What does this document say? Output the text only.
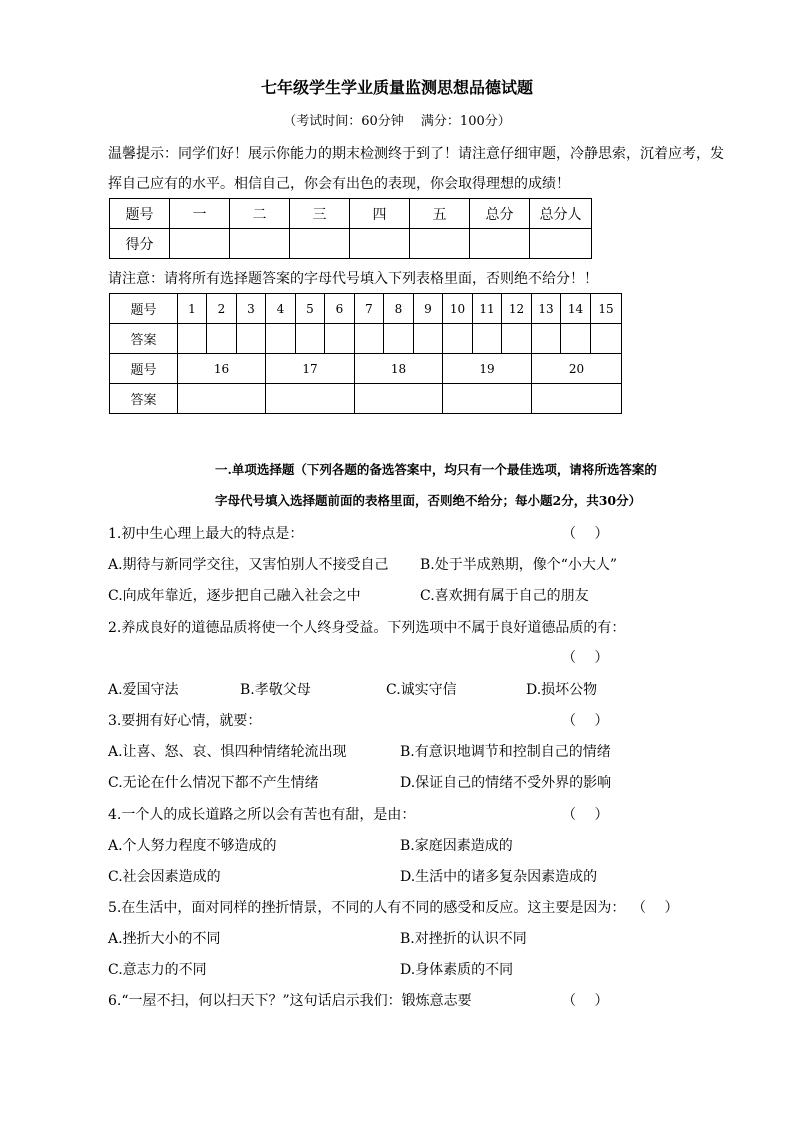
七年级学生学业质量监测思想品德试题
（考试时间：60分钟　 满分：100分）
温馨提示：同学们好！展示你能力的期末检测终于到了！请注意仔细审题，冷静思索，沉着应考，发
挥自己应有的水平。相信自己，你会有出色的表现，你会取得理想的成绩！
题号	一	二	三	四	五	总分	总分人
得分							
请注意：请将所有选择题答案的字母代号填入下列表格里面，否则绝不给分！！
题号	1	2	3	4	5	6	7	8	9	10	11	12	13	14	15
答案															
题号	16			17			18			19			20		
答案															
一.单项选择题（下列各题的备选答案中，均只有一个最佳选项，请将所选答案的
字母代号填入选择题前面的表格里面，否则绝不给分；每小题2分，共30分）
1.初中生心理上最大的特点是：	（　 ）
A.期待与新同学交往，又害怕别人不接受自己 B.处于半成熟期，像个“小大人”
C.向成年靠近，逐步把自己融入社会之中	C.喜欢拥有属于自己的朋友
2.养成良好的道德品质将使一个人终身受益。下列选项中不属于良好道德品质的有：
（　 ）
A.爱国守法	B.孝敬父母	C.诚实守信	D.损坏公物
3.要拥有好心情，就要：	（　 ）
A.让喜、怒、哀、惧四种情绪轮流出现	B.有意识地调节和控制自己的情绪
C.无论在什么情况下都不产生情绪	D.保证自己的情绪不受外界的影响
4.一个人的成长道路之所以会有苦也有甜，是由：	（　 ）
A.个人努力程度不够造成的	B.家庭因素造成的
C.社会因素造成的	D.生活中的诸多复杂因素造成的
5.在生活中，面对同样的挫折情景，不同的人有不同的感受和反应。这主要是因为： （　 ）
A.挫折大小的不同	B.对挫折的认识不同
C.意志力的不同	D.身体素质的不同
6.“一屋不扫，何以扫天下？”这句话启示我们：锻炼意志要	（　 ）
